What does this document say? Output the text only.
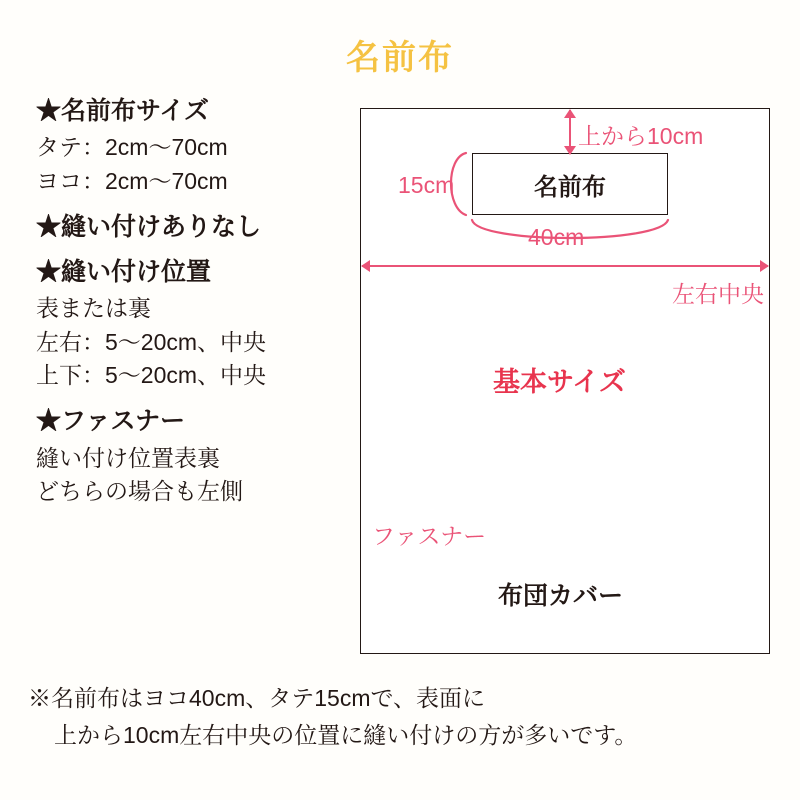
名前布
★名前布サイズ
タテ：2cm〜70cm
ヨコ：2cm〜70cm
★縫い付けありなし
★縫い付け位置
表または裏
左右：5〜20cm、中央
上下：5〜20cm、中央
★ファスナー
縫い付け位置表裏
どちらの場合も左側
名前布
上から10cm
15cm
40cm
左右中央
基本サイズ
ファスナー
布団カバー
※名前布はヨコ40cm、タテ15cmで、表面に
上から10cm左右中央の位置に縫い付けの方が多いです。
